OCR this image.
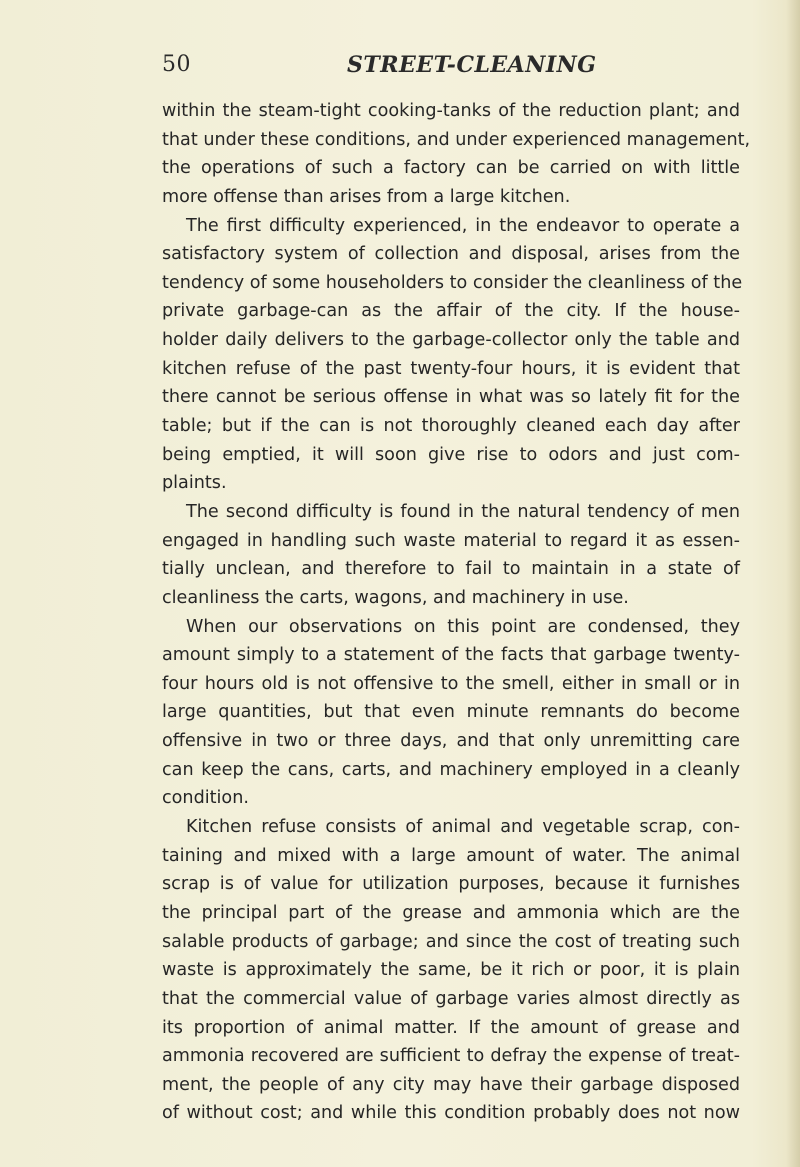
50	STREET-CLEANING
within the steam-tight cooking-tanks of the reduction plant; and
that under these conditions, and under experienced management,
the operations of such a factory can be carried on with little
more offense than arises from a large kitchen.
The first difficulty experienced, in the endeavor to operate a
satisfactory system of collection and disposal, arises from the
tendency of some householders to consider the cleanliness of the
private garbage-can as the affair of the city. If the house-
holder daily delivers to the garbage-collector only the table and
kitchen refuse of the past twenty-four hours, it is evident that
there cannot be serious offense in what was so lately fit for the
table; but if the can is not thoroughly cleaned each day after
being emptied, it will soon give rise to odors and just com-
plaints.
The second difficulty is found in the natural tendency of men
engaged in handling such waste material to regard it as essen-
tially unclean, and therefore to fail to maintain in a state of
cleanliness the carts, wagons, and machinery in use.
When our observations on this point are condensed, they
amount simply to a statement of the facts that garbage twenty-
four hours old is not offensive to the smell, either in small or in
large quantities, but that even minute remnants do become
offensive in two or three days, and that only unremitting care
can keep the cans, carts, and machinery employed in a cleanly
condition.
Kitchen refuse consists of animal and vegetable scrap, con-
taining and mixed with a large amount of water. The animal
scrap is of value for utilization purposes, because it furnishes
the principal part of the grease and ammonia which are the
salable products of garbage; and since the cost of treating such
waste is approximately the same, be it rich or poor, it is plain
that the commercial value of garbage varies almost directly as
its proportion of animal matter. If the amount of grease and
ammonia recovered are sufficient to defray the expense of treat-
ment, the people of any city may have their garbage disposed
of without cost; and while this condition probably does not now
